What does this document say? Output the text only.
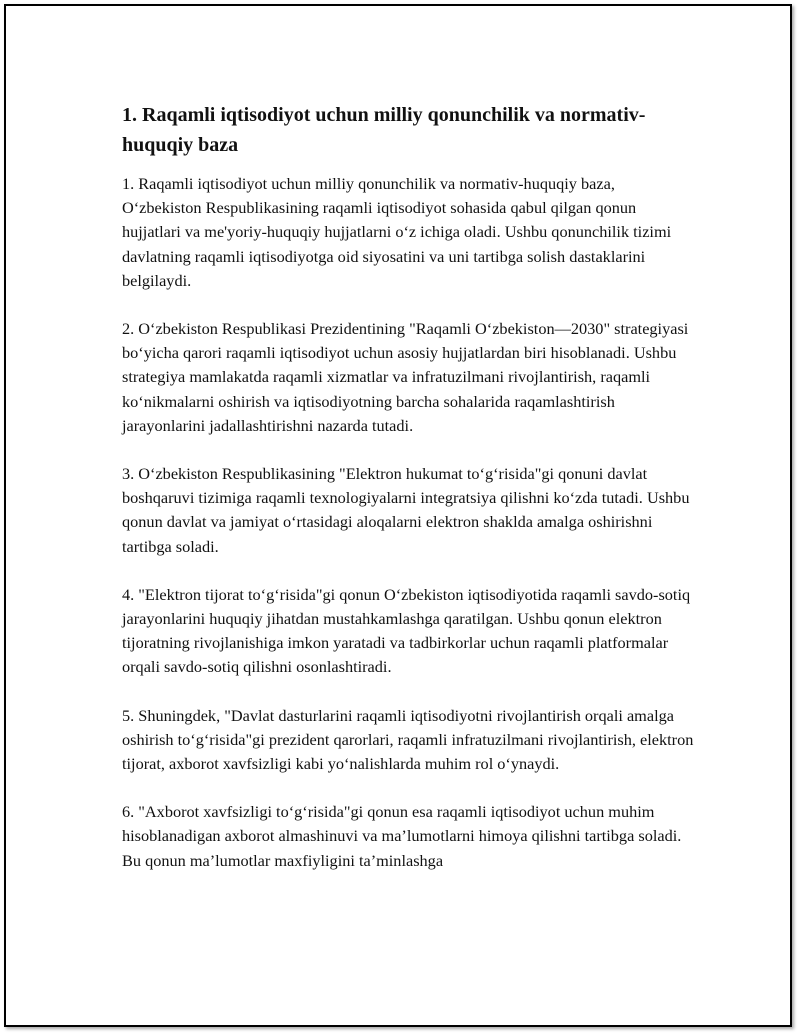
1. Raqamli iqtisodiyot uchun milliy qonunchilik va normativ-huquqiy baza

1. Raqamli iqtisodiyot uchun milliy qonunchilik va normativ-huquqiy baza, O‘zbekiston Respublikasining raqamli iqtisodiyot sohasida qabul qilgan qonun hujjatlari va me'yoriy-huquqiy hujjatlarni o‘z ichiga oladi. Ushbu qonunchilik tizimi davlatning raqamli iqtisodiyotga oid siyosatini va uni tartibga solish dastaklarini belgilaydi.

2. O‘zbekiston Respublikasi Prezidentining "Raqamli O‘zbekiston—2030" strategiyasi bo‘yicha qarori raqamli iqtisodiyot uchun asosiy hujjatlardan biri hisoblanadi. Ushbu strategiya mamlakatda raqamli xizmatlar va infratuzilmani rivojlantirish, raqamli ko‘nikmalarni oshirish va iqtisodiyotning barcha sohalarida raqamlashtirish jarayonlarini jadallashtirishni nazarda tutadi.

3. O‘zbekiston Respublikasining "Elektron hukumat to‘g‘risida"gi qonuni davlat boshqaruvi tizimiga raqamli texnologiyalarni integratsiya qilishni ko‘zda tutadi. Ushbu qonun davlat va jamiyat o‘rtasidagi aloqalarni elektron shaklda amalga oshirishni tartibga soladi.

4. "Elektron tijorat to‘g‘risida"gi qonun O‘zbekiston iqtisodiyotida raqamli savdo-sotiq jarayonlarini huquqiy jihatdan mustahkamlashga qaratilgan. Ushbu qonun elektron tijoratning rivojlanishiga imkon yaratadi va tadbirkorlar uchun raqamli platformalar orqali savdo-sotiq qilishni osonlashtiradi.

5. Shuningdek, "Davlat dasturlarini raqamli iqtisodiyotni rivojlantirish orqali amalga oshirish to‘g‘risida"gi prezident qarorlari, raqamli infratuzilmani rivojlantirish, elektron tijorat, axborot xavfsizligi kabi yo‘nalishlarda muhim rol o‘ynaydi.

6. "Axborot xavfsizligi to‘g‘risida"gi qonun esa raqamli iqtisodiyot uchun muhim hisoblanadigan axborot almashinuvi va ma’lumotlarni himoya qilishni tartibga soladi. Bu qonun ma’lumotlar maxfiyligini ta’minlashga
